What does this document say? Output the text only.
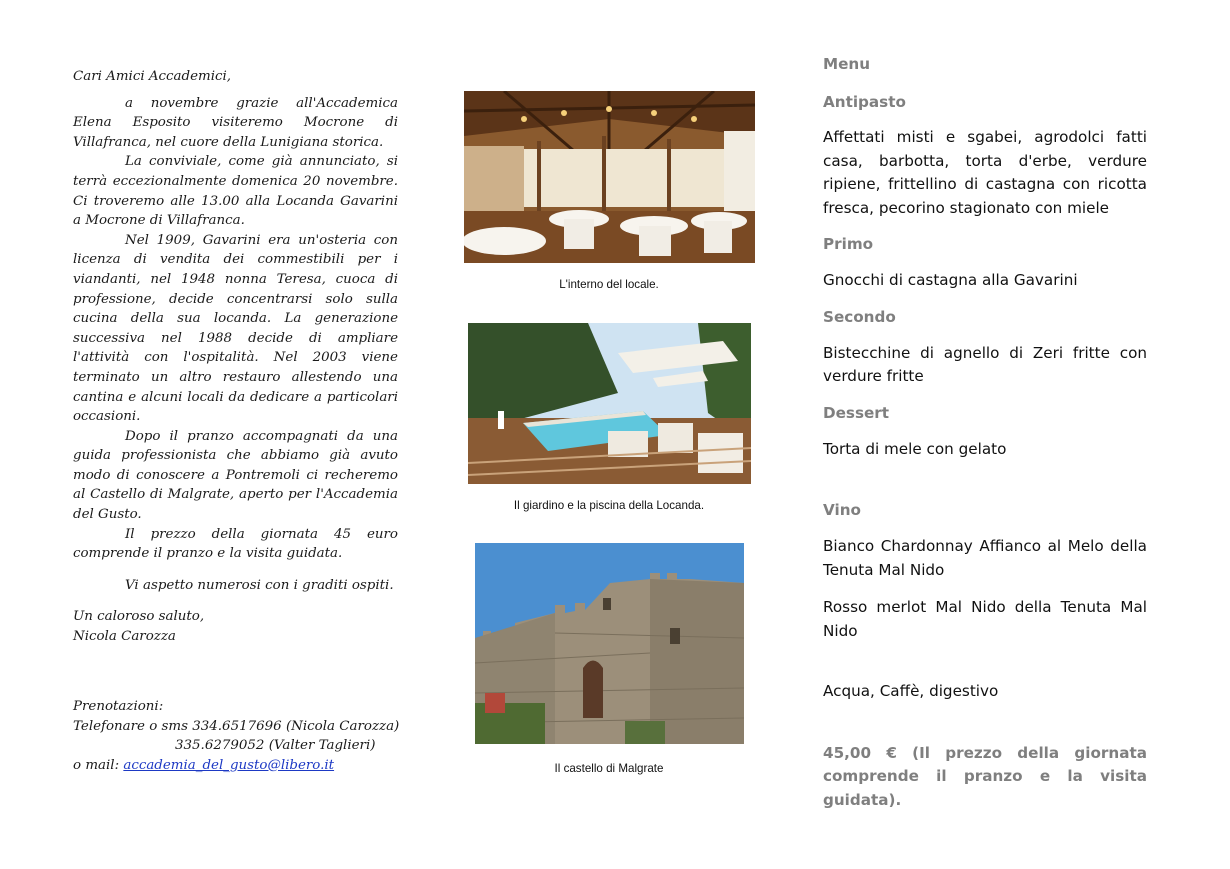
Cari Amici Accademici,

a novembre grazie all'Accademica Elena Esposito visiteremo Mocrone di Villafranca, nel cuore della Lunigiana storica.

La conviviale, come già annunciato, si terrà eccezionalmente domenica 20 novembre. Ci troveremo alle 13.00 alla Locanda Gavarini a Mocrone di Villafranca.

Nel 1909, Gavarini era un'osteria con licenza di vendita dei commestibili per i viandanti, nel 1948 nonna Teresa, cuoca di professione, decide concentrarsi solo sulla cucina della sua locanda. La generazione successiva nel 1988 decide di ampliare l'attività con l'ospitalità. Nel 2003 viene terminato un altro restauro allestendo una cantina e alcuni locali da dedicare a particolari occasioni.

Dopo il pranzo accompagnati da una guida professionista che abbiamo già avuto modo di conoscere a Pontremoli ci recheremo al Castello di Malgrate, aperto per l'Accademia del Gusto.

Il prezzo della giornata 45 euro comprende il pranzo e la visita guidata.

Vi aspetto numerosi con i graditi ospiti.

Un caloroso saluto,

Nicola Carozza

Prenotazioni:

Telefonare o sms 334.6517696 (Nicola Carozza)

335.6279052 (Valter Taglieri)

o mail: accademia_del_gusto@libero.it

L'interno del locale.
Il giardino e la piscina della Locanda.
Il castello di Malgrate
Menu
Antipasto
Affettati misti e sgabei, agrodolci fatti casa, barbotta, torta d'erbe, verdure ripiene, frittellino di castagna con ricotta fresca, pecorino stagionato con miele
Primo
Gnocchi di castagna alla Gavarini
Secondo
Bistecchine di agnello di Zeri fritte con verdure fritte
Dessert
Torta di mele con gelato
Vino
Bianco Chardonnay Affianco al Melo della Tenuta Mal Nido
Rosso merlot Mal Nido della Tenuta Mal Nido
Acqua, Caffè, digestivo
45,00 € (Il prezzo della giornata comprende il pranzo e la visita guidata).
